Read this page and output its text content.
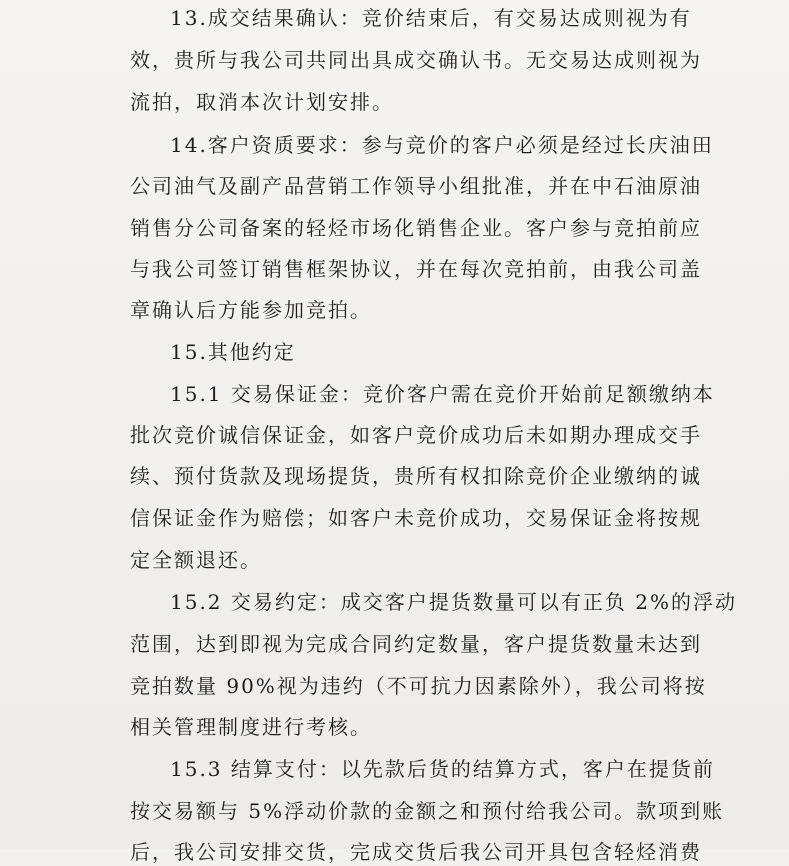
13.成交结果确认：竞价结束后，有交易达成则视为有
效，贵所与我公司共同出具成交确认书。无交易达成则视为
流拍，取消本次计划安排。
14.客户资质要求：参与竞价的客户必须是经过长庆油田
公司油气及副产品营销工作领导小组批准，并在中石油原油
销售分公司备案的轻烃市场化销售企业。客户参与竞拍前应
与我公司签订销售框架协议，并在每次竞拍前，由我公司盖
章确认后方能参加竞拍。
15.其他约定
15.1 交易保证金：竞价客户需在竞价开始前足额缴纳本
批次竞价诚信保证金，如客户竞价成功后未如期办理成交手
续、预付货款及现场提货，贵所有权扣除竞价企业缴纳的诚
信保证金作为赔偿；如客户未竞价成功，交易保证金将按规
定全额退还。
15.2 交易约定：成交客户提货数量可以有正负 2%的浮动
范围，达到即视为完成合同约定数量，客户提货数量未达到
竞拍数量 90%视为违约（不可抗力因素除外），我公司将按
相关管理制度进行考核。
15.3 结算支付：以先款后货的结算方式，客户在提货前
按交易额与 5%浮动价款的金额之和预付给我公司。款项到账
后，我公司安排交货，完成交货后我公司开具包含轻烃消费
